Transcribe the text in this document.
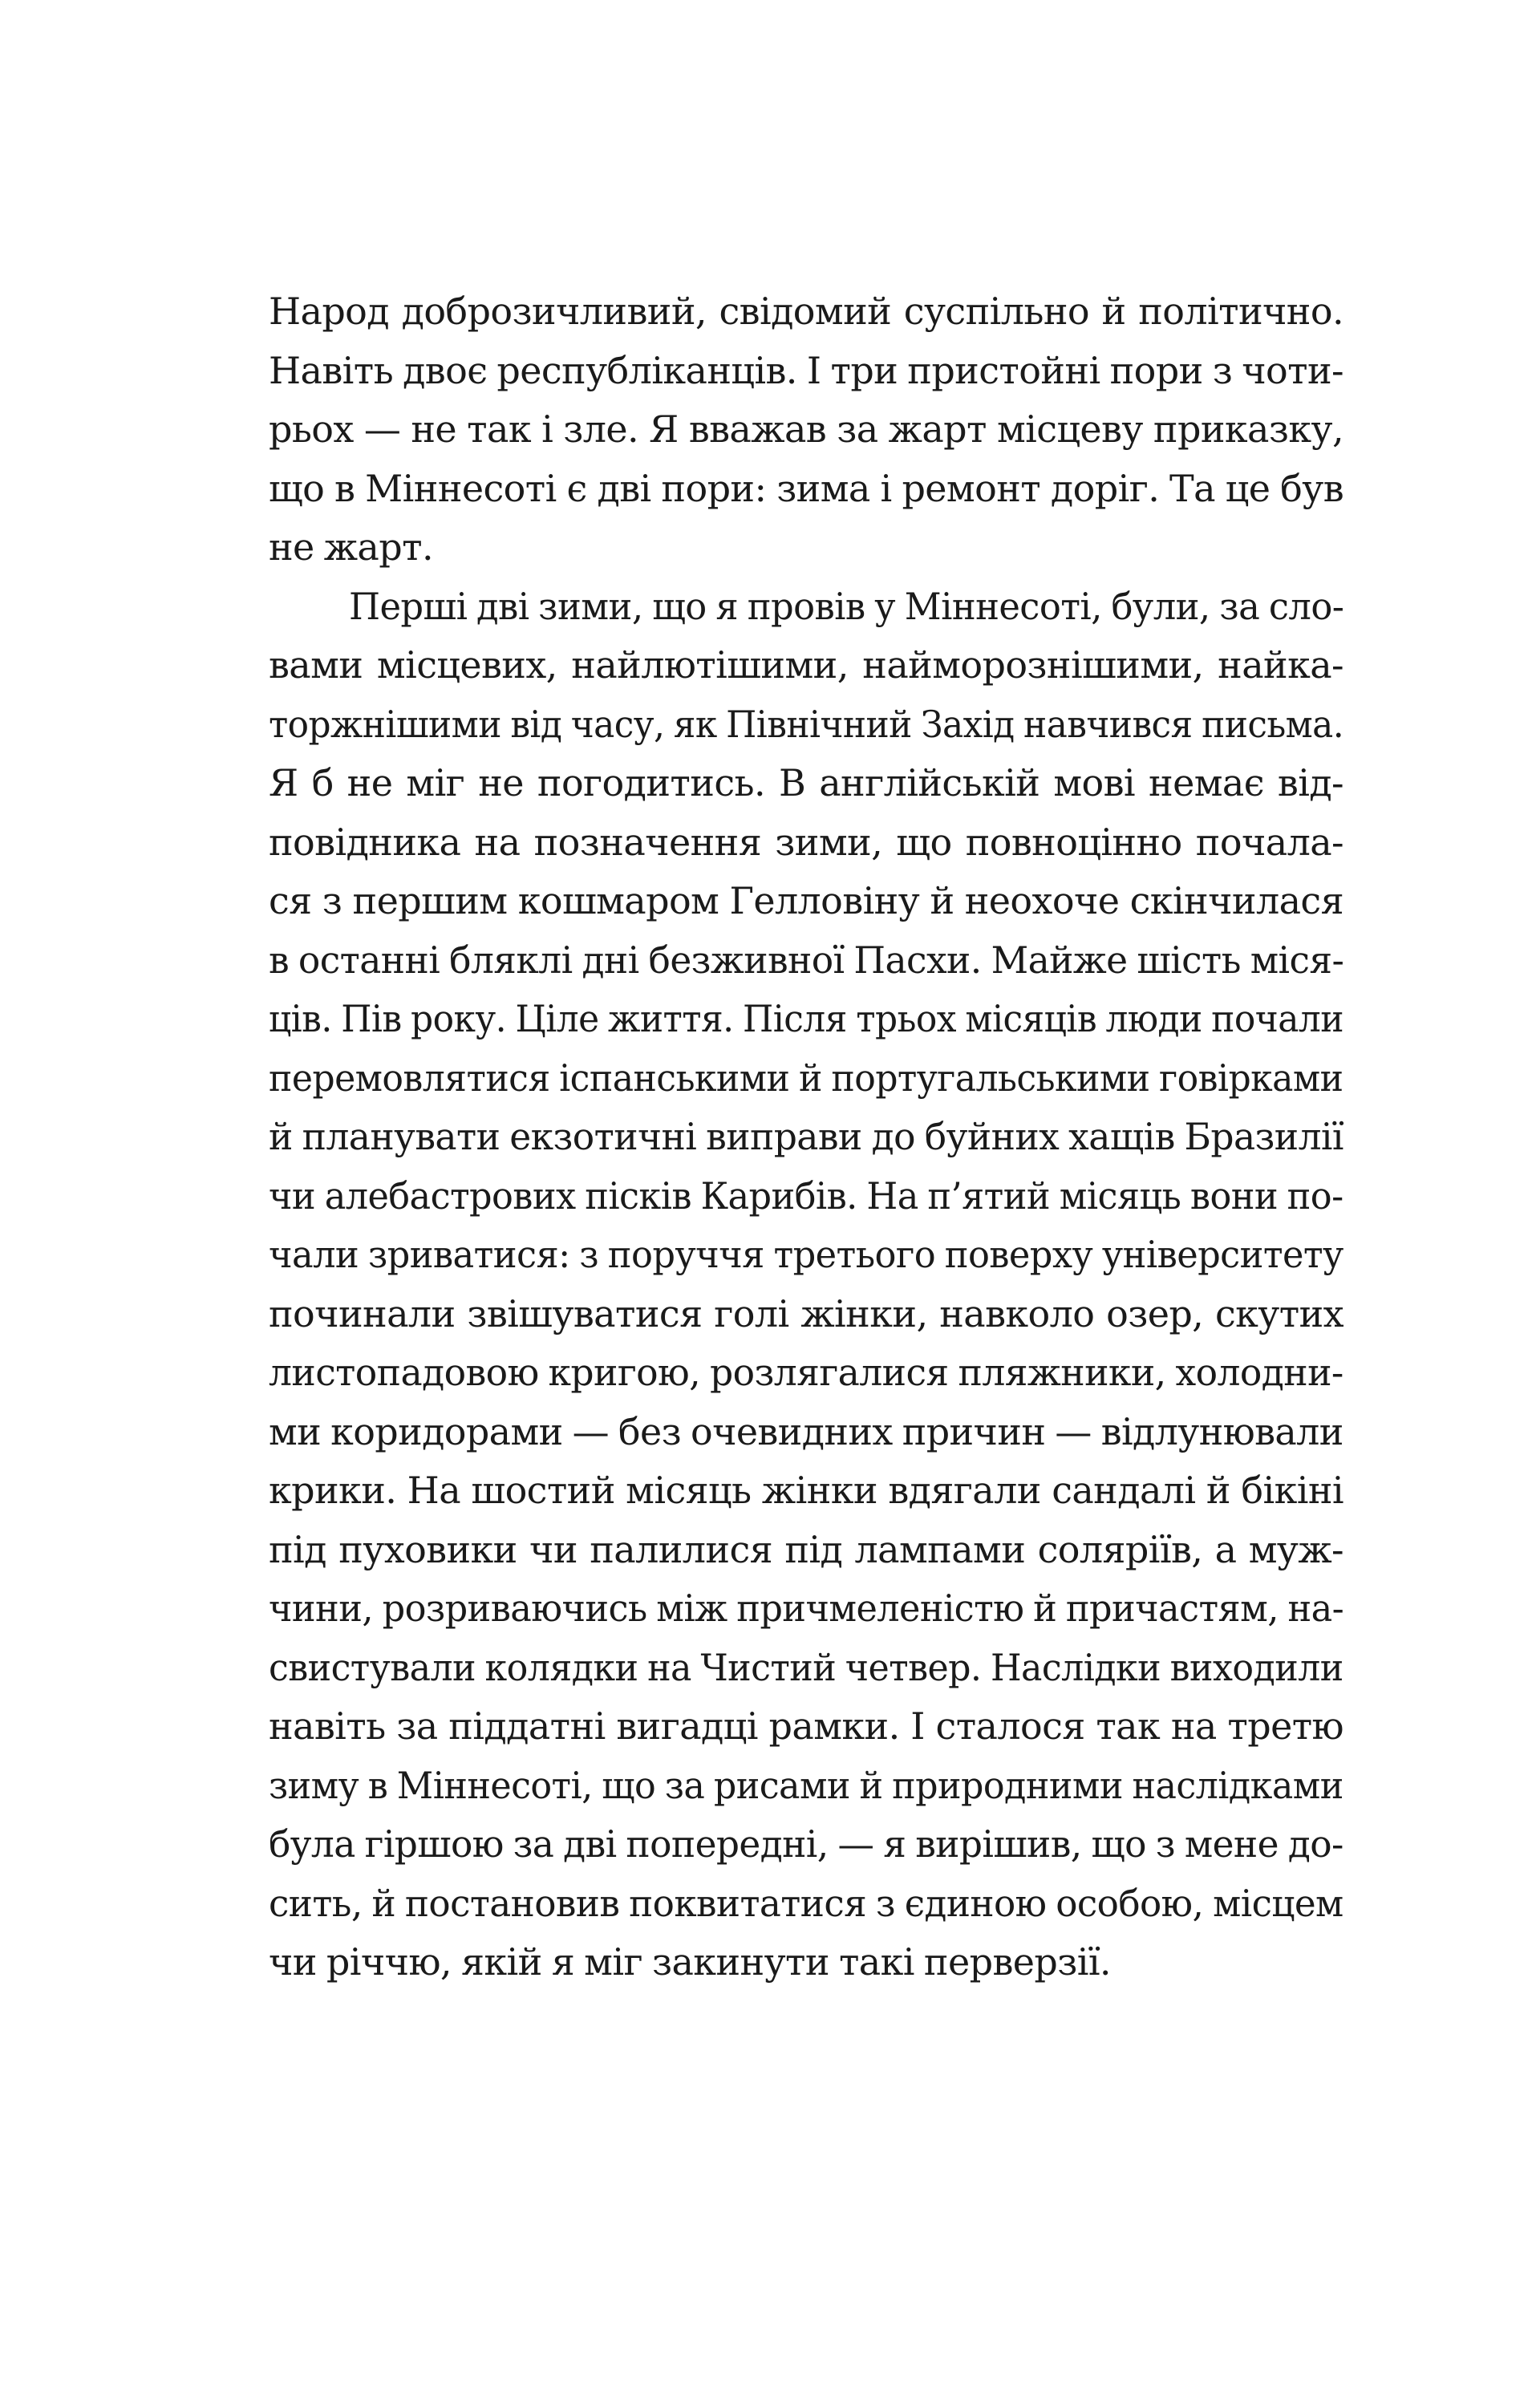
Народ доброзичливий, свідомий суспільно й політично.
Навіть двоє республіканців. І три пристойні пори з чоти-
рьох — не так і зле. Я вважав за жарт місцеву приказку,
що в Міннесоті є дві пори: зима і ремонт доріг. Та це був
не жарт.
Перші дві зими, що я провів у Міннесоті, були, за сло-
вами місцевих, найлютішими, найморознішими, найка-
торжнішими від часу, як Північний Захід навчився письма.
Я б не міг не погодитись. В англійській мові немає від-
повідника на позначення зими, що повноцінно почала-
ся з першим кошмаром Гелловіну й неохоче скінчилася
в останні бляклі дні безживної Пасхи. Майже шість міся-
ців. Пів року. Ціле життя. Після трьох місяців люди почали
перемовлятися іспанськими й португальськими говірками
й планувати екзотичні виправи до буйних хащів Бразилії
чи алебастрових пісків Карибів. На п’ятий місяць вони по-
чали зриватися: з поруччя третього поверху університету
починали звішуватися голі жінки, навколо озер, скутих
листопадовою кригою, розлягалися пляжники, холодни-
ми коридорами — без очевидних причин — відлунювали
крики. На шостий місяць жінки вдягали сандалі й бікіні
під пуховики чи палилися під лампами соляріїв, а муж-
чини, розриваючись між причмеленістю й причастям, на-
свистували колядки на Чистий четвер. Наслідки виходили
навіть за піддатні вигадці рамки. І сталося так на третю
зиму в Міннесоті, що за рисами й природними наслідками
була гіршою за дві попередні, — я вирішив, що з мене до-
сить, й постановив поквитатися з єдиною особою, місцем
чи річчю, якій я міг закинути такі перверзії.
